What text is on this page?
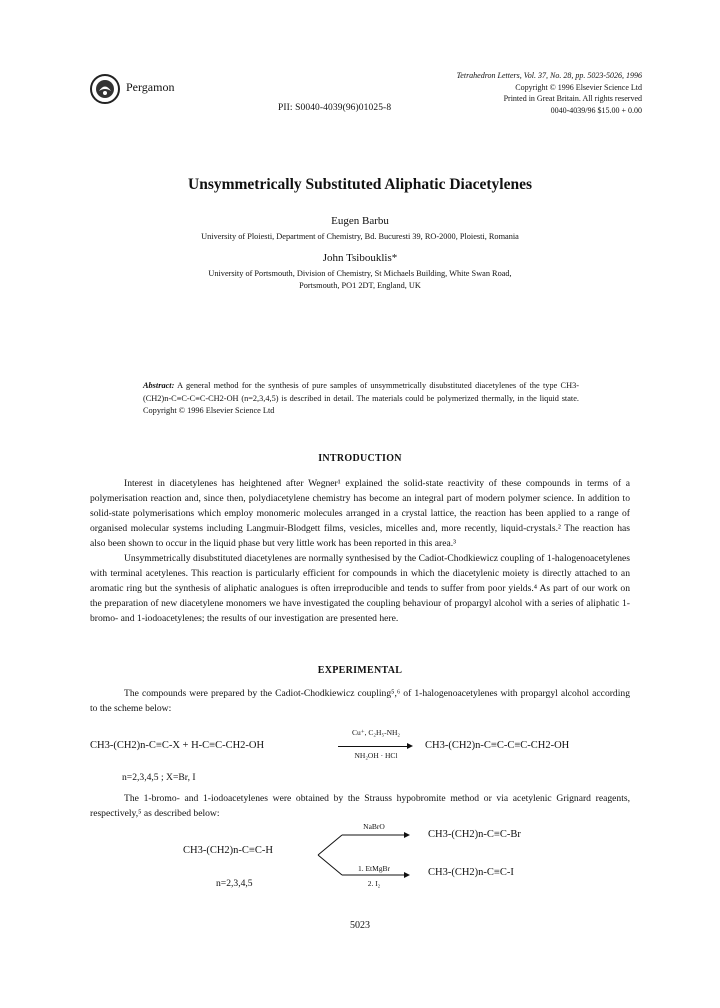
Pergamon
Tetrahedron Letters, Vol. 37, No. 28, pp. 5023-5026, 1996
Copyright © 1996 Elsevier Science Ltd
Printed in Great Britain. All rights reserved
0040-4039/96 $15.00 + 0.00
PII: S0040-4039(96)01025-8
Unsymmetrically Substituted Aliphatic Diacetylenes
Eugen Barbu
University of Ploiesti, Department of Chemistry, Bd. Bucuresti 39, RO-2000, Ploiesti, Romania
John Tsibouklis*
University of Portsmouth, Division of Chemistry, St Michaels Building, White Swan Road,
Portsmouth, PO1 2DT, England, UK
Abstract: A general method for the synthesis of pure samples of unsymmetrically disubstituted diacetylenes of the type CH3-(CH2)n-C≡C-C≡C-CH2-OH (n=2,3,4,5) is described in detail. The materials could be polymerized thermally, in the liquid state. Copyright © 1996 Elsevier Science Ltd
INTRODUCTION

Interest in diacetylenes has heightened after Wegner¹ explained the solid-state reactivity of these compounds in terms of a polymerisation reaction and, since then, polydiacetylene chemistry has become an integral part of modern polymer science. In addition to solid-state polymerisations which employ monomeric molecules arranged in a crystal lattice, the reaction has been applied to a range of organised molecular systems including Langmuir-Blodgett films, vesicles, micelles and, more recently, liquid-crystals.² The reaction has also been shown to occur in the liquid phase but very little work has been reported in this area.³

Unsymmetrically disubstituted diacetylenes are normally synthesised by the Cadiot-Chodkiewicz coupling of 1-halogenoacetylenes with terminal acetylenes. This reaction is particularly efficient for compounds in which the diacetylenic moiety is directly attached to an aromatic ring but the synthesis of aliphatic analogues is often irreproducible and tends to suffer from poor yields.⁴ As part of our work on the preparation of new diacetylene monomers we have investigated the coupling behaviour of propargyl alcohol with a series of aliphatic 1-bromo- and 1-iodoacetylenes; the results of our investigation are presented here.

EXPERIMENTAL

The compounds were prepared by the Cadiot-Chodkiewicz coupling⁵,⁶ of 1-halogenoacetylenes with propargyl alcohol according to the scheme below:

CH3-(CH2)n-C≡C-X + H-C≡C-CH2-OH
Cu⁺, C₂H₅-NH₂
NH₂OH · HCl
CH3-(CH2)n-C≡C-C≡C-CH2-OH
n=2,3,4,5 ; X=Br, I

The 1-bromo- and 1-iodoacetylenes were obtained by the Strauss hypobromite method or via acetylenic Grignard reagents, respectively,⁵ as described below:

CH3-(CH2)n-C≡C-H
n=2,3,4,5
NaBrO
CH3-(CH2)n-C≡C-Br
1. EtMgBr
2. I₂
CH3-(CH2)n-C≡C-I
5023
